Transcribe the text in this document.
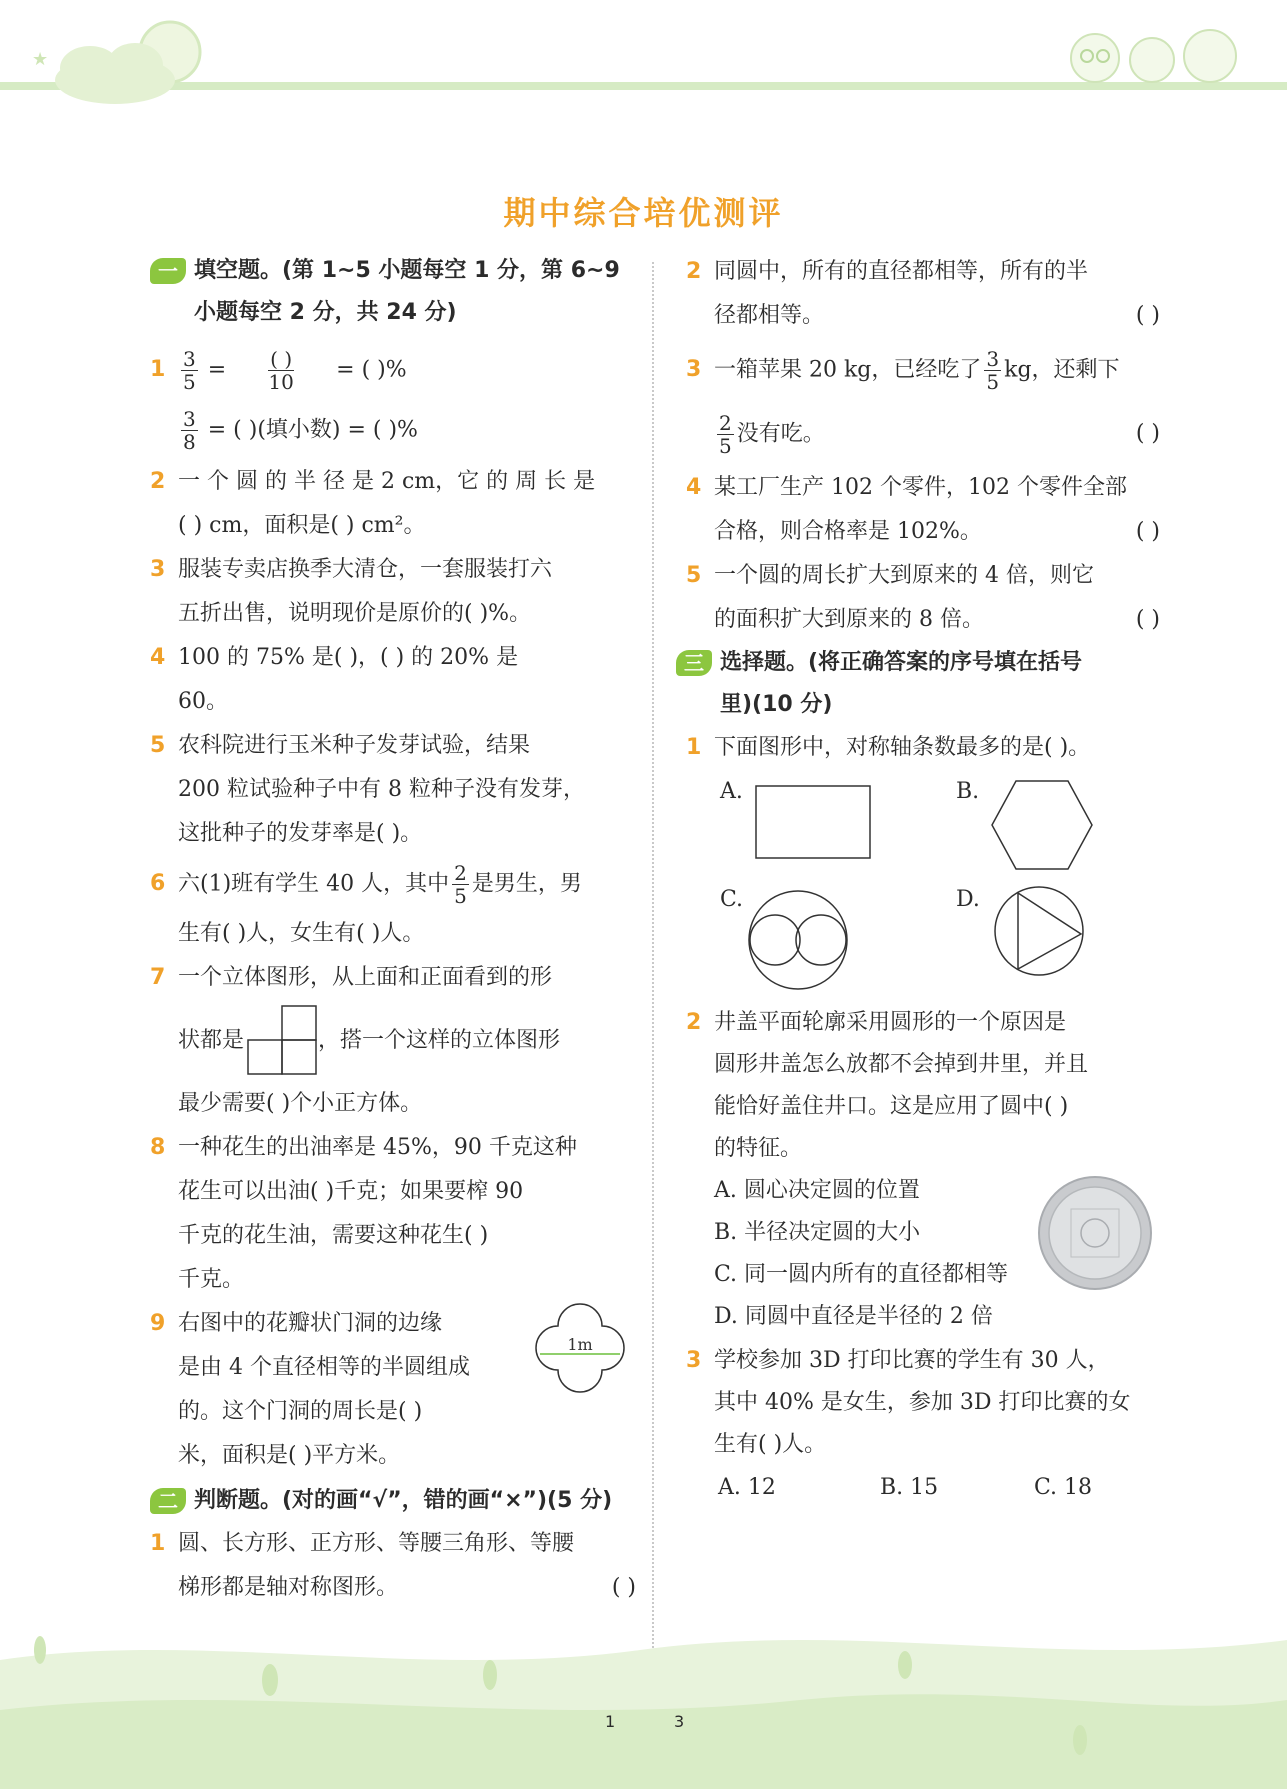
★
期中综合培优测评
一 填空题。(第 1~5 小题每空 1 分，第 6~9
小题每空 2 分，共 24 分)
$1 \frac{3}{5} = \frac{( )}{10}$ = ( )%
$\frac{3}{8}$ = ( )(填小数) = ( )%
2 一 个 圆 的 半 径 是 2 cm，它 的 周 长 是
( ) cm，面积是( ) cm²。
3 服装专卖店换季大清仓，一套服装打六
五折出售，说明现价是原价的( )%。
4 100 的 75% 是( )，( ) 的 20% 是
60。
5 农科院进行玉米种子发芽试验，结果
200 粒试验种子中有 8 粒种子没有发芽，
这批种子的发芽率是( )。
6 六(1)班有学生 40 人，其中 $\frac{2}{5}$ 是男生，男
生有( )人，女生有( )人。
7 一个立体图形，从上面和正面看到的形
状都是	，搭一个这样的立体图形
最少需要( )个小正方体。
8 一种花生的出油率是 45%，90 千克这种
花生可以出油( )千克；如果要榨 90
千克的花生油，需要这种花生( )
千克。
9 右图中的花瓣状门洞的边缘
是由 4 个直径相等的半圆组成
的。这个门洞的周长是( )
米，面积是( )平方米。
1m
二 判断题。(对的画“√”，错的画“×”)(5 分)
1 圆、长方形、正方形、等腰三角形、等腰
梯形都是轴对称图形。	( )
2 同圆中，所有的直径都相等，所有的半
径都相等。	( )
3 一箱苹果 20 kg，已经吃了 $\frac{3}{5}$ kg，还剩下
$\frac{2}{5}$ 没有吃。	( )
4 某工厂生产 102 个零件，102 个零件全部
合格，则合格率是 102%。	( )
5 一个圆的周长扩大到原来的 4 倍，则它
的面积扩大到原来的 8 倍。	( )
三 选择题。(将正确答案的序号填在括号
里)(10 分)
1 下面图形中，对称轴条数最多的是( )。
A.	B.
C.	D.
2 井盖平面轮廓采用圆形的一个原因是
圆形井盖怎么放都不会掉到井里，并且
能恰好盖住井口。这是应用了圆中( )
的特征。
A. 圆心决定圆的位置
B. 半径决定圆的大小
C. 同一圆内所有的直径都相等
D. 同圆中直径是半径的 2 倍
3 学校参加 3D 打印比赛的学生有 30 人，
其中 40% 是女生，参加 3D 打印比赛的女
生有( )人。
A. 12	B. 15	C. 18
1	3
